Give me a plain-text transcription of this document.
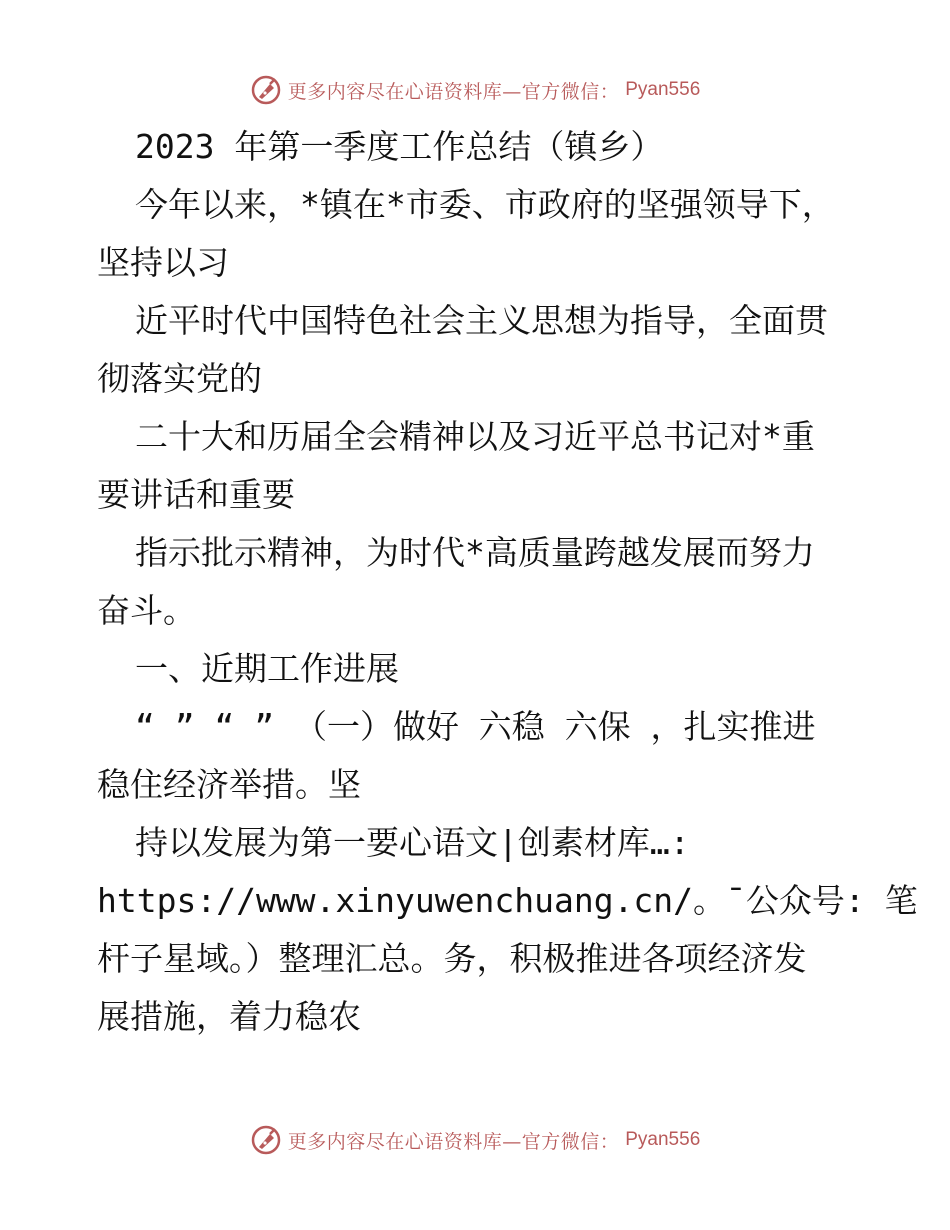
更多内容尽在心语资料库—官方微信： Pyan556
2023 年第一季度工作总结（镇乡）
今年以来，*镇在*市委、市政府的坚强领导下，
坚持以习
近平时代中国特色社会主义思想为指导，全面贯
彻落实党的
二十大和历届全会精神以及习近平总书记对*重
要讲话和重要
指示批示精神，为时代*高质量跨越发展而努力
奋斗。
一、近期工作进展
“ ” “ ” （一）做好 六稳 六保 ，扎实推进
稳住经济举措。坚
持以发展为第一要心语文|创素材库…:
https://www.xinyuwenchuang.cn/。¯公众号: 笔
杆子星域。）整理汇总。务，积极推进各项经济发
展措施，着力稳农
更多内容尽在心语资料库—官方微信： Pyan556
